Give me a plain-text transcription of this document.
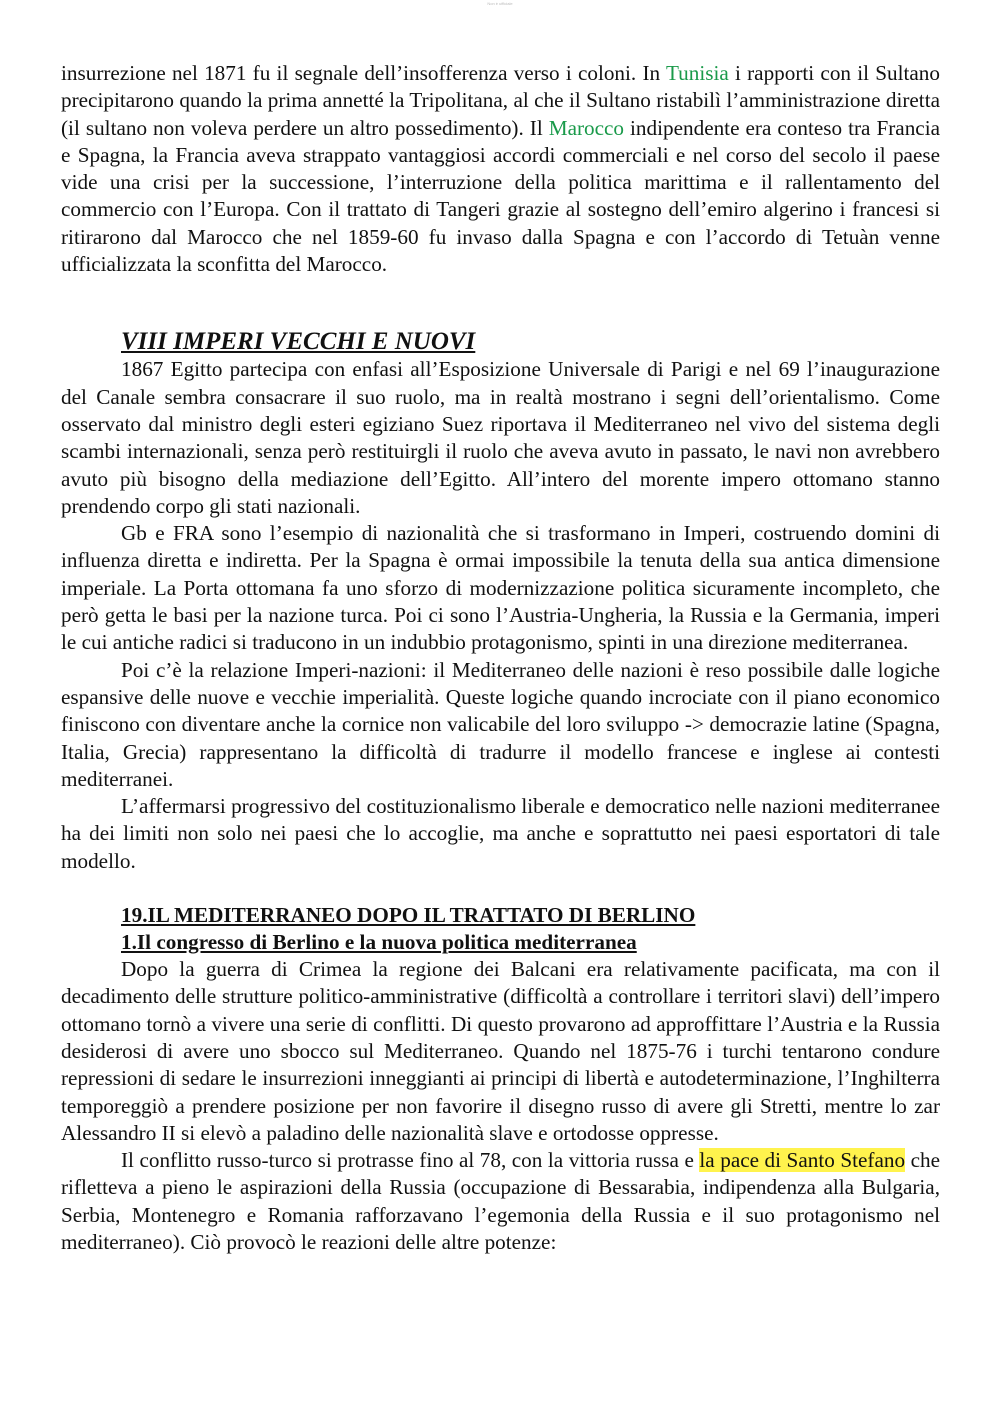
Non è ufficiale

insurrezione nel 1871 fu il segnale dell’insofferenza verso i coloni. In Tunisia i rapporti con il Sultano precipitarono quando la prima annetté la Tripolitana, al che il Sultano ristabilì l’amministrazione diretta (il sultano non voleva perdere un altro possedimento). Il Marocco indipendente era conteso tra Francia e Spagna, la Francia aveva strappato vantaggiosi accordi commerciali e nel corso del secolo il paese vide una crisi per la successione, l’interruzione della politica marittima e il rallentamento del commercio con l’Europa. Con il trattato di Tangeri grazie al sostegno dell’emiro algerino i francesi si ritirarono dal Marocco che nel 1859-60 fu invaso dalla Spagna e con l’accordo di Tetuàn venne ufficializzata la sconfitta del Marocco.

VIII IMPERI VECCHI E NUOVI

1867 Egitto partecipa con enfasi all’Esposizione Universale di Parigi e nel 69 l’inaugurazione del Canale sembra consacrare il suo ruolo, ma in realtà mostrano i segni dell’orientalismo. Come osservato dal ministro degli esteri egiziano Suez riportava il Mediterraneo nel vivo del sistema degli scambi internazionali, senza però restituirgli il ruolo che aveva avuto in passato, le navi non avrebbero avuto più bisogno della mediazione dell’Egitto. All’intero del morente impero ottomano stanno prendendo corpo gli stati nazionali.

Gb e FRA sono l’esempio di nazionalità che si trasformano in Imperi, costruendo domini di influenza diretta e indiretta. Per la Spagna è ormai impossibile la tenuta della sua antica dimensione imperiale. La Porta ottomana fa uno sforzo di modernizzazione politica sicuramente incompleto, che però getta le basi per la nazione turca. Poi ci sono l’Austria-Ungheria, la Russia e la Germania, imperi le cui antiche radici si traducono in un indubbio protagonismo, spinti in una direzione mediterranea.

Poi c’è la relazione Imperi-nazioni: il Mediterraneo delle nazioni è reso possibile dalle logiche espansive delle nuove e vecchie imperialità. Queste logiche quando incrociate con il piano economico finiscono con diventare anche la cornice non valicabile del loro sviluppo -> democrazie latine (Spagna, Italia, Grecia) rappresentano la difficoltà di tradurre il modello francese e inglese ai contesti mediterranei.

L’affermarsi progressivo del costituzionalismo liberale e democratico nelle nazioni mediterranee ha dei limiti non solo nei paesi che lo accoglie, ma anche e soprattutto nei paesi esportatori di tale modello.

19.IL MEDITERRANEO DOPO IL TRATTATO DI BERLINO
1.Il congresso di Berlino e la nuova politica mediterranea

Dopo la guerra di Crimea la regione dei Balcani era relativamente pacificata, ma con il decadimento delle strutture politico-amministrative (difficoltà a controllare i territori slavi) dell’impero ottomano tornò a vivere una serie di conflitti. Di questo provarono ad approffittare l’Austria e la Russia desiderosi di avere uno sbocco sul Mediterraneo. Quando nel 1875-76 i turchi tentarono condure repressioni di sedare le insurrezioni inneggianti ai principi di libertà e autodeterminazione, l’Inghilterra temporeggiò a prendere posizione per non favorire il disegno russo di avere gli Stretti, mentre lo zar Alessandro II si elevò a paladino delle nazionalità slave e ortodosse oppresse.

Il conflitto russo-turco si protrasse fino al 78, con la vittoria russa e la pace di Santo Stefano che rifletteva a pieno le aspirazioni della Russia (occupazione di Bessarabia, indipendenza alla Bulgaria, Serbia, Montenegro e Romania rafforzavano l’egemonia della Russia e il suo protagonismo nel mediterraneo). Ciò provocò le reazioni delle altre potenze:
